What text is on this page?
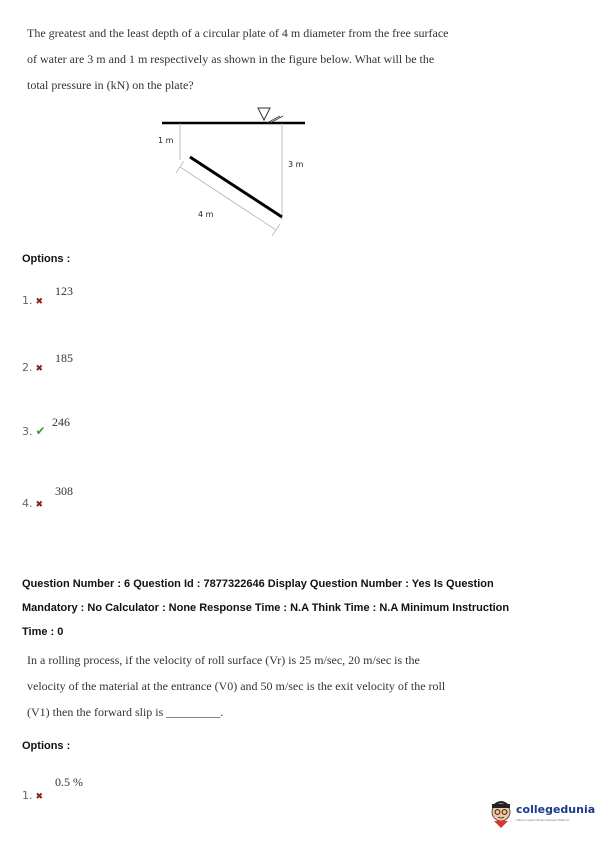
The greatest and the least depth of a circular plate of 4 m diameter from the free surface

of water are 3 m and 1 m respectively as shown in the figure below. What will be the

total pressure in (kN) on the plate?

1 m
3 m
4 m
Options :
123
1. ✖
185
2. ✖
246
3. ✔
308
4. ✖
Question Number : 6 Question Id : 7877322646 Display Question Number : Yes Is Question
Mandatory : No Calculator : None Response Time : N.A Think Time : N.A Minimum Instruction
Time : 0

In a rolling process, if the velocity of roll surface (Vr) is 25 m/sec, 20 m/sec is the

velocity of the material at the entrance (V0) and 50 m/sec is the exit velocity of the roll

(V1) then the forward slip is _________.

Options :
0.5 %
1. ✖
collegedunia
India's Largest Student Review Platform
